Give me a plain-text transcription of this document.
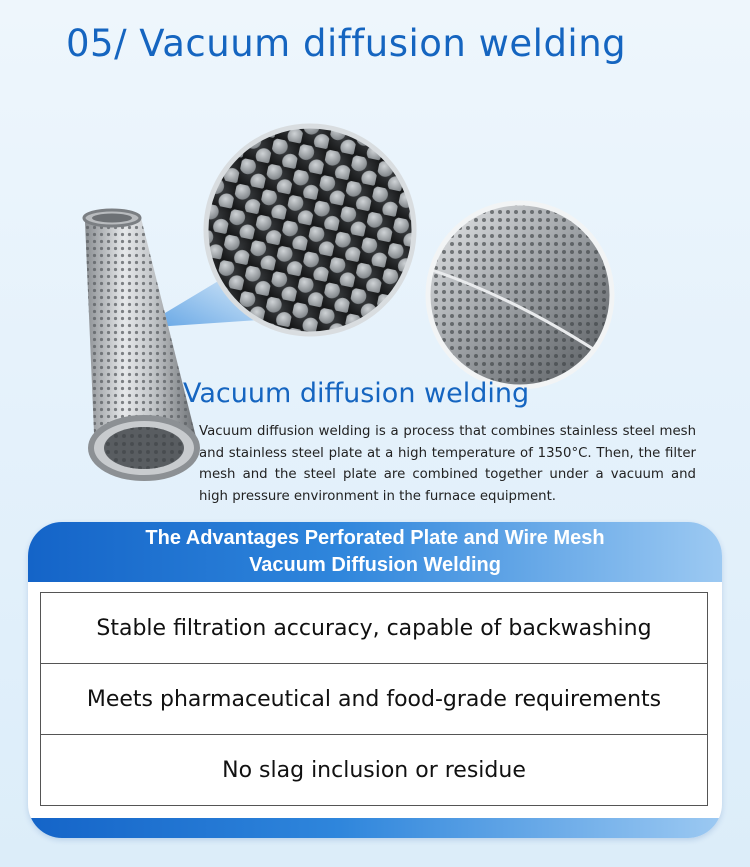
05/ Vacuum diffusion welding
Vacuum diffusion welding

Vacuum diffusion welding is a process that combines stainless steel mesh and stainless steel plate at a high temperature of 1350°C. Then, the filter mesh and the steel plate are combined together under a vacuum and high pressure environment in the furnace equipment.

The Advantages Perforated Plate and Wire Mesh
Vacuum Diffusion Welding
Stable filtration accuracy, capable of backwashing
Meets pharmaceutical and food-grade requirements
No slag inclusion or residue
